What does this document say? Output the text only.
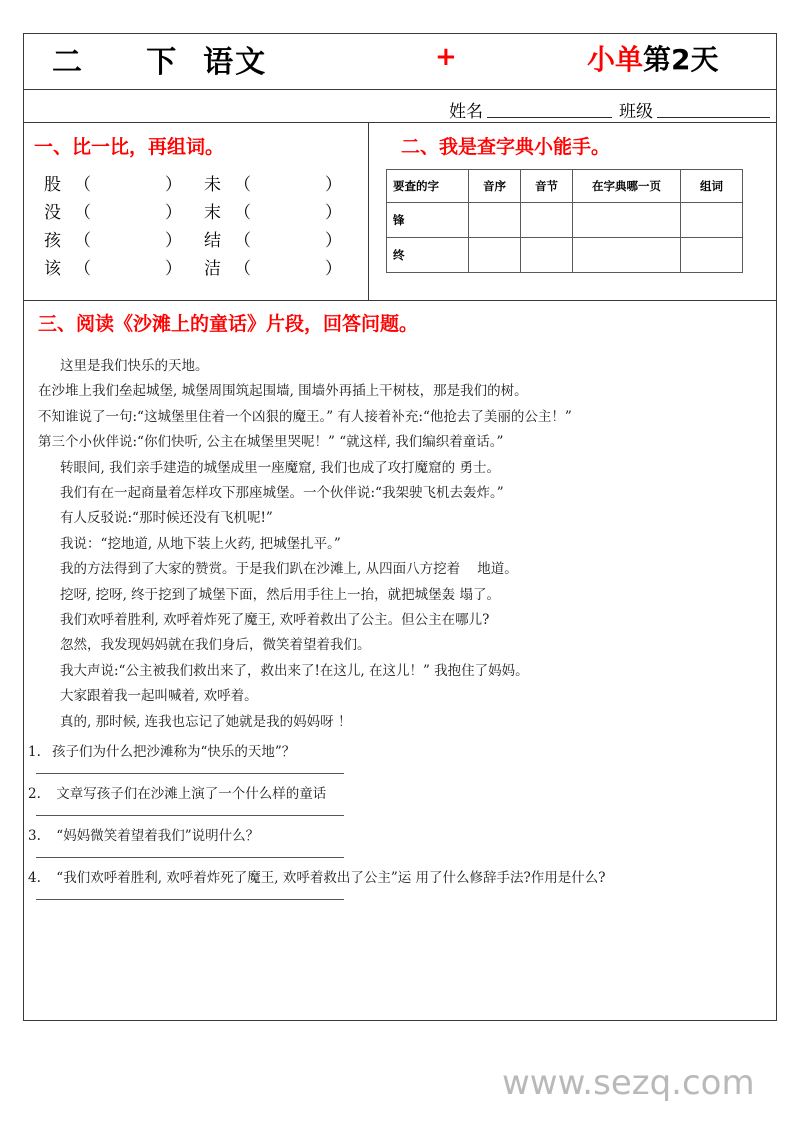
二     下  语文	+	小单第2天
姓名	班级
一、比一比，再组词。
股 （	） 未 （	）
没 （	） 末 （	）
孩 （	） 结 （	）
该 （	） 洁 （	）
二、我是查字典小能手。
要查的字	音序	音节	在字典哪一页	组词
锋				
终				
三、阅读《沙滩上的童话》片段，回答问题。
这里是我们快乐的天地。
在沙堆上我们垒起城堡, 城堡周围筑起围墙, 围墙外再插上干树枝，那是我们的树。
不知谁说了一句:“这城堡里住着一个凶狠的魔王。” 有人接着补充:“他抢去了美丽的公主！”
第三个小伙伴说:“你们快听, 公主在城堡里哭呢！” “就这样, 我们编织着童话。”
转眼间, 我们亲手建造的城堡成里一座魔窟, 我们也成了攻打魔窟的 勇士。
我们有在一起商量着怎样攻下那座城堡。一个伙伴说:“我架驶飞机去轰炸。”
有人反驳说:“那时候还没有飞机呢!”
我说：“挖地道, 从地下装上火药, 把城堡扎平。”
我的方法得到了大家的赞赏。于是我们趴在沙滩上, 从四面八方挖着    地道。
挖呀, 挖呀, 终于挖到了城堡下面，然后用手往上一抬，就把城堡轰 塌了。
我们欢呼着胜利, 欢呼着炸死了魔王, 欢呼着救出了公主。但公主在哪儿?
忽然，我发现妈妈就在我们身后，微笑着望着我们。
我大声说:“公主被我们救出来了，救出来了!在这儿, 在这儿！” 我抱住了妈妈。
大家跟着我一起叫喊着, 欢呼着。
真的, 那时候, 连我也忘记了她就是我的妈妈呀 ！
1. 孩子们为什么把沙滩称为“快乐的天地”？
2. 文章写孩子们在沙滩上演了一个什么样的童话
3. “妈妈微笑着望着我们”说明什么？
4. “我们欢呼着胜利, 欢呼着炸死了魔王, 欢呼着救出了公主”运 用了什么修辞手法?作用是什么?
www.sezq.com
